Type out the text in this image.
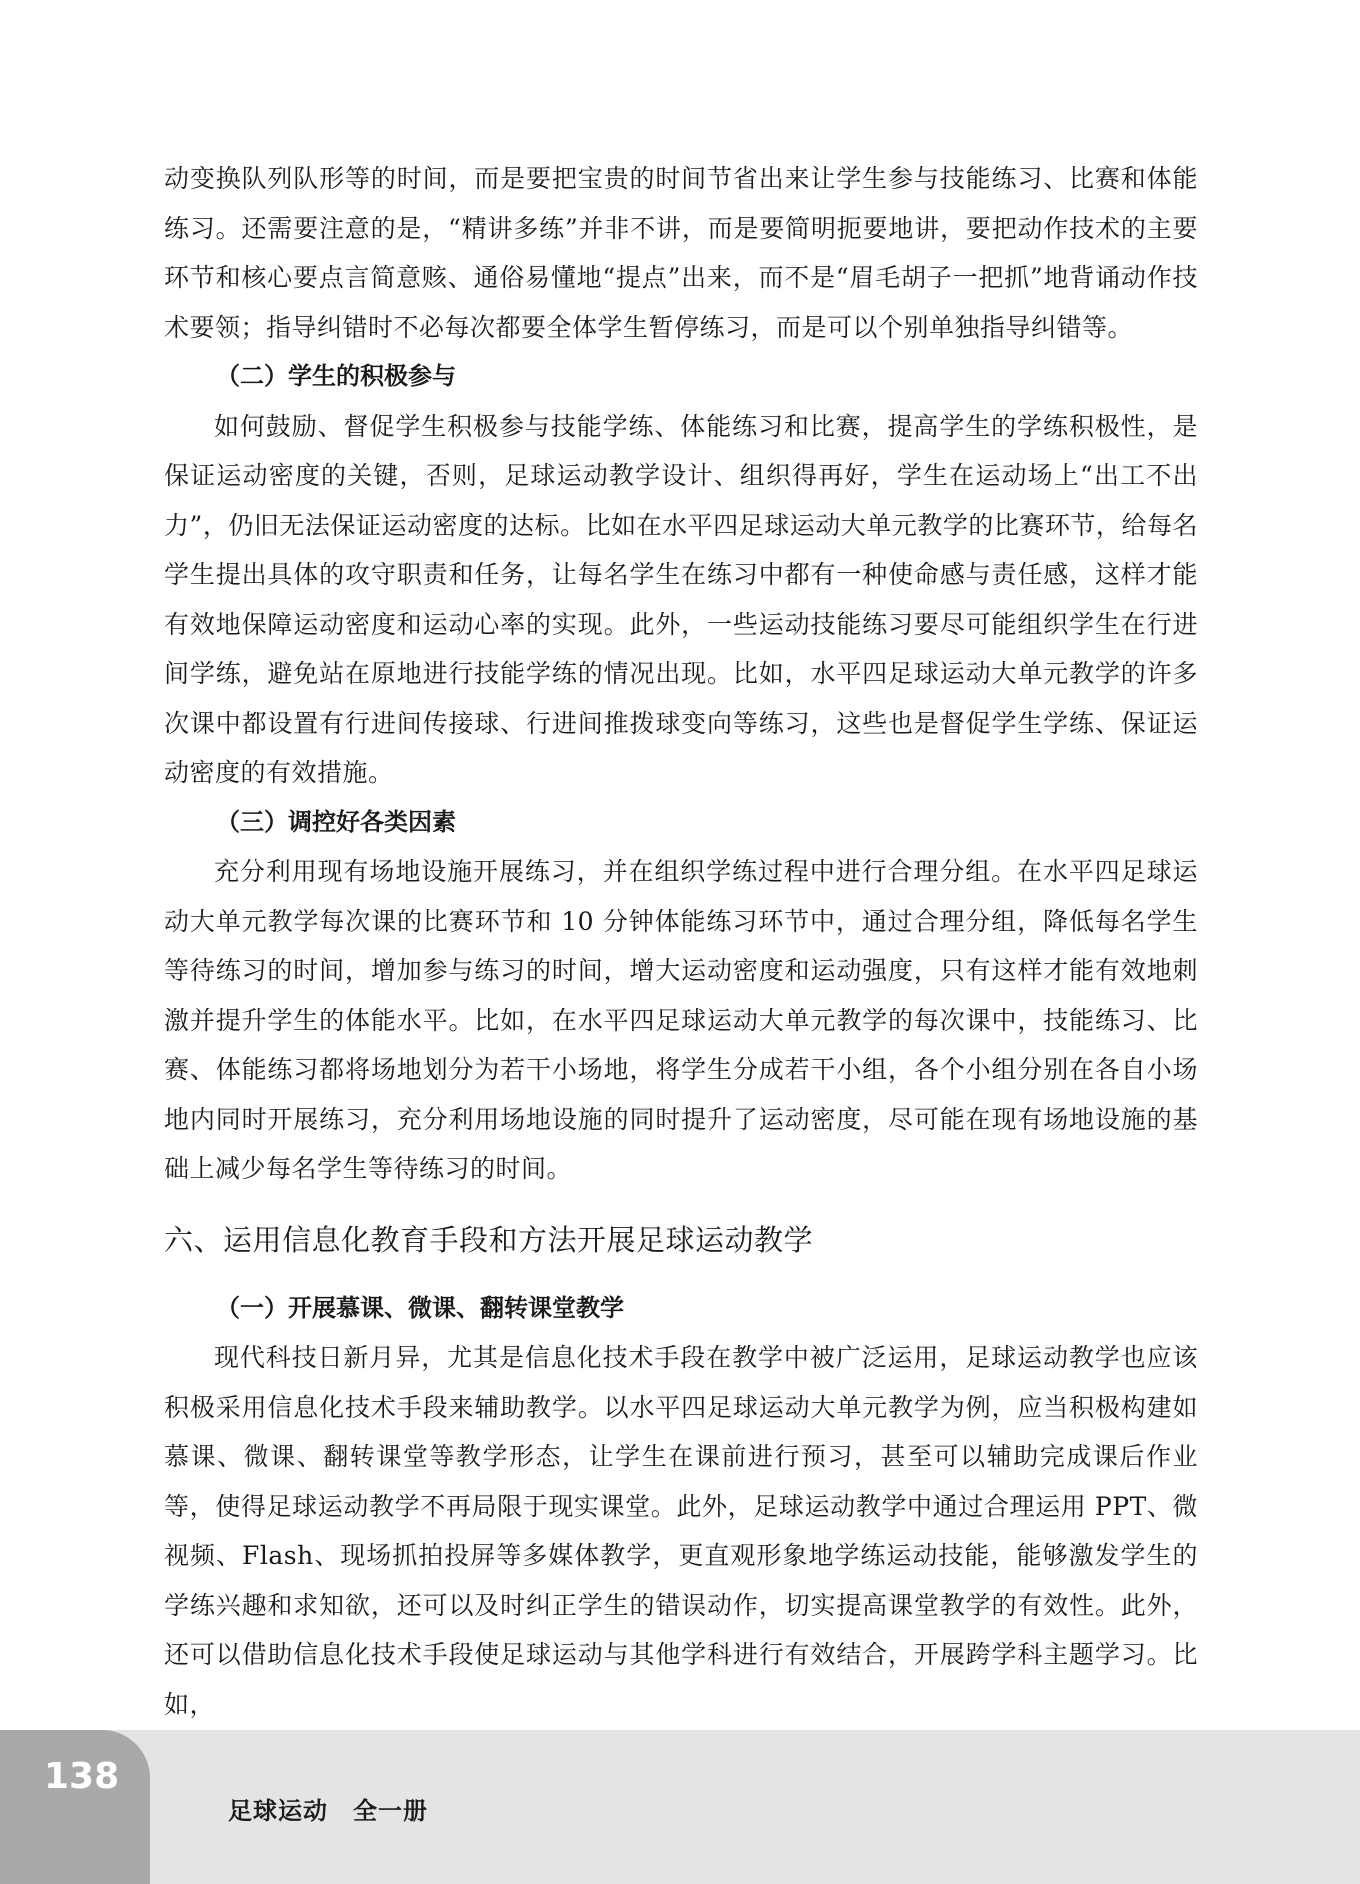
动变换队列队形等的时间，而是要把宝贵的时间节省出来让学生参与技能练习、比赛和体能练习。还需要注意的是，“精讲多练”并非不讲，而是要简明扼要地讲，要把动作技术的主要环节和核心要点言简意赅、通俗易懂地“提点”出来，而不是“眉毛胡子一把抓”地背诵动作技术要领；指导纠错时不必每次都要全体学生暂停练习，而是可以个别单独指导纠错等。

（二）学生的积极参与

如何鼓励、督促学生积极参与技能学练、体能练习和比赛，提高学生的学练积极性，是保证运动密度的关键，否则，足球运动教学设计、组织得再好，学生在运动场上“出工不出力”，仍旧无法保证运动密度的达标。比如在水平四足球运动大单元教学的比赛环节，给每名学生提出具体的攻守职责和任务，让每名学生在练习中都有一种使命感与责任感，这样才能有效地保障运动密度和运动心率的实现。此外，一些运动技能练习要尽可能组织学生在行进间学练，避免站在原地进行技能学练的情况出现。比如，水平四足球运动大单元教学的许多次课中都设置有行进间传接球、行进间推拨球变向等练习，这些也是督促学生学练、保证运动密度的有效措施。

（三）调控好各类因素

充分利用现有场地设施开展练习，并在组织学练过程中进行合理分组。在水平四足球运动大单元教学每次课的比赛环节和 10 分钟体能练习环节中，通过合理分组，降低每名学生等待练习的时间，增加参与练习的时间，增大运动密度和运动强度，只有这样才能有效地刺激并提升学生的体能水平。比如，在水平四足球运动大单元教学的每次课中，技能练习、比赛、体能练习都将场地划分为若干小场地，将学生分成若干小组，各个小组分别在各自小场地内同时开展练习，充分利用场地设施的同时提升了运动密度，尽可能在现有场地设施的基础上减少每名学生等待练习的时间。

六、运用信息化教育手段和方法开展足球运动教学

（一）开展慕课、微课、翻转课堂教学

现代科技日新月异，尤其是信息化技术手段在教学中被广泛运用，足球运动教学也应该积极采用信息化技术手段来辅助教学。以水平四足球运动大单元教学为例，应当积极构建如慕课、微课、翻转课堂等教学形态，让学生在课前进行预习，甚至可以辅助完成课后作业等，使得足球运动教学不再局限于现实课堂。此外，足球运动教学中通过合理运用 PPT、微视频、Flash、现场抓拍投屏等多媒体教学，更直观形象地学练运动技能，能够激发学生的学练兴趣和求知欲，还可以及时纠正学生的错误动作，切实提高课堂教学的有效性。此外，还可以借助信息化技术手段使足球运动与其他学科进行有效结合，开展跨学科主题学习。比如，

138
足球运动　全一册
